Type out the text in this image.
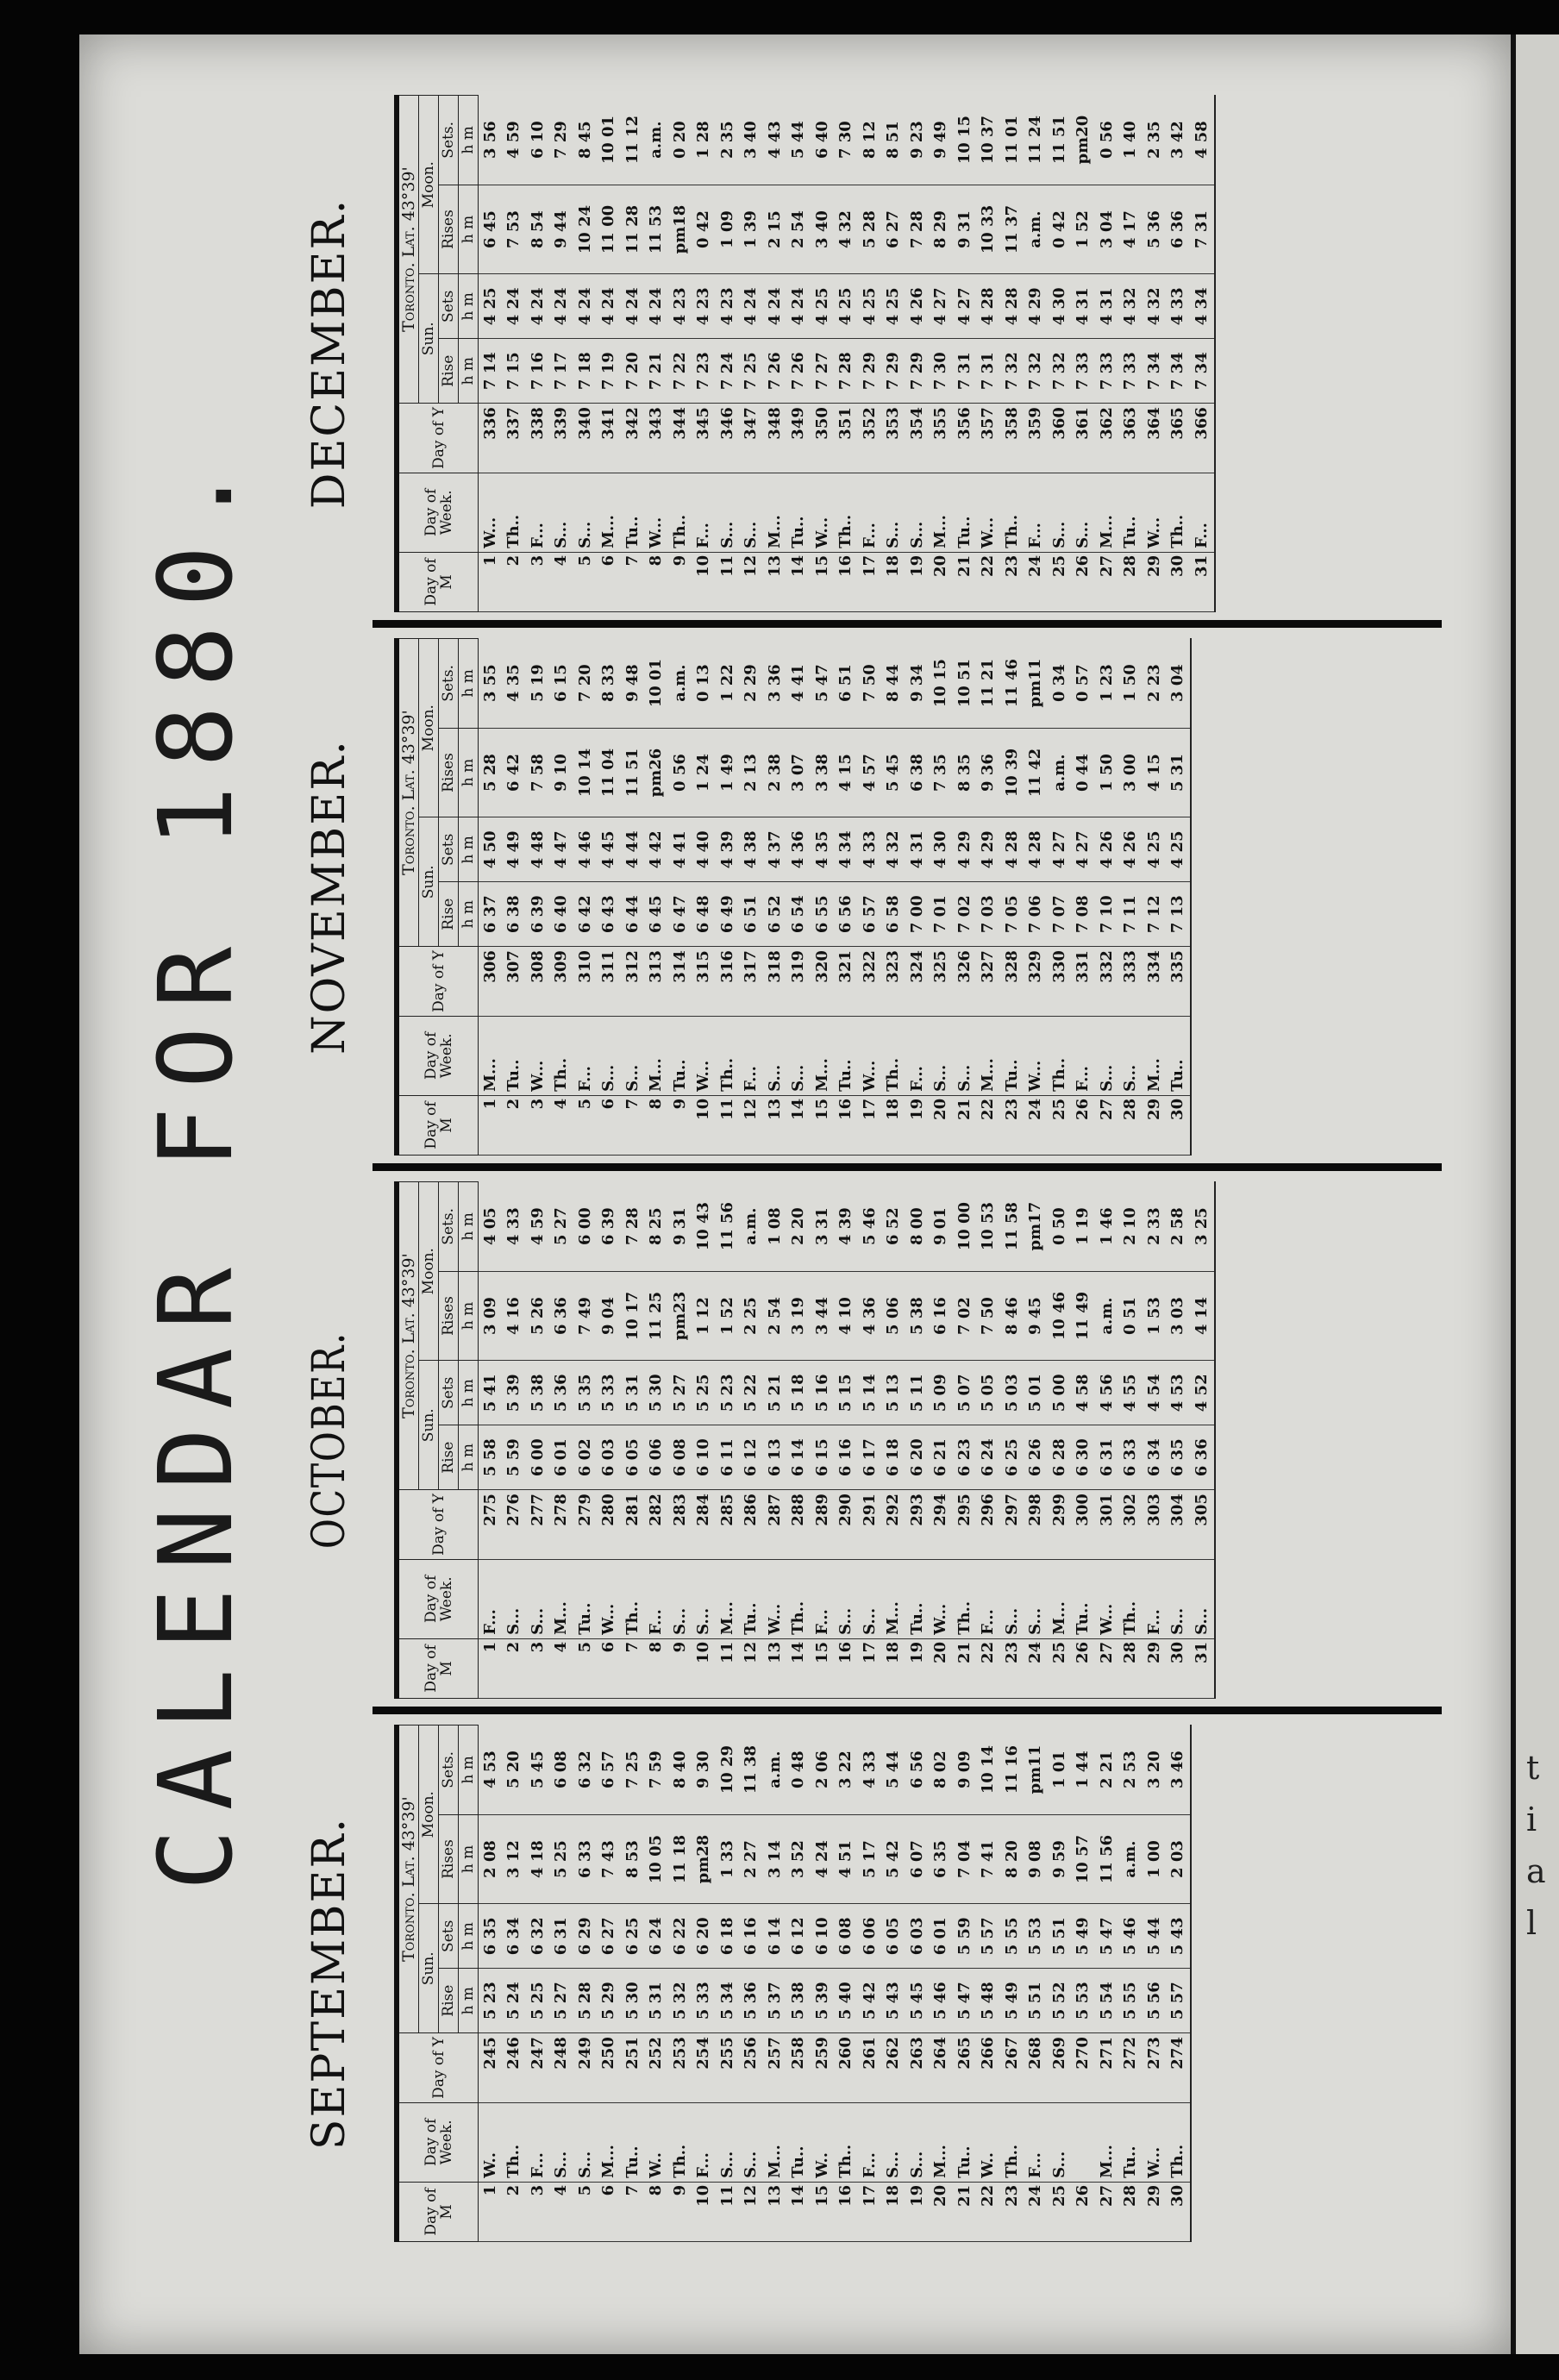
CALENDAR FOR 1880.
SEPTEMBER.
Day of M	Day of Week.	Day of Y	Toronto. Lat. 43°39'			
			Sun.		Moon.	
			Rise	Sets	Rises	Sets.
			h m	h m	h m	h m
1	W..	245	5 23	6 35	2 08	4 53
2	Th..	246	5 24	6 34	3 12	5 20
3	F...	247	5 25	6 32	4 18	5 45
4	S...	248	5 27	6 31	5 25	6 08
5	S...	249	5 28	6 29	6 33	6 32
6	M...	250	5 29	6 27	7 43	6 57
7	Tu..	251	5 30	6 25	8 53	7 25
8	W..	252	5 31	6 24	10 05	7 59
9	Th..	253	5 32	6 22	11 18	8 40
10	F...	254	5 33	6 20	pm28	9 30
11	S...	255	5 34	6 18	1 33	10 29
12	S...	256	5 36	6 16	2 27	11 38
13	M...	257	5 37	6 14	3 14	a.m.
14	Tu..	258	5 38	6 12	3 52	0 48
15	W..	259	5 39	6 10	4 24	2 06
16	Th..	260	5 40	6 08	4 51	3 22
17	F...	261	5 42	6 06	5 17	4 33
18	S...	262	5 43	6 05	5 42	5 44
19	S...	263	5 45	6 03	6 07	6 56
20	M...	264	5 46	6 01	6 35	8 02
21	Tu..	265	5 47	5 59	7 04	9 09
22	W..	266	5 48	5 57	7 41	10 14
23	Th..	267	5 49	5 55	8 20	11 16
24	F...	268	5 51	5 53	9 08	pm11
25	S...	269	5 52	5 51	9 59	1 01
26		270	5 53	5 49	10 57	1 44
27	M...	271	5 54	5 47	11 56	2 21
28	Tu..	272	5 55	5 46	a.m.	2 53
29	W...	273	5 56	5 44	1 00	3 20
30	Th..	274	5 57	5 43	2 03	3 46
OCTOBER.
Day of M	Day of Week.	Day of Y	Toronto. Lat. 43°39'			
			Sun.		Moon.	
			Rise	Sets	Rises	Sets.
			h m	h m	h m	h m
1	F...	275	5 58	5 41	3 09	4 05
2	S...	276	5 59	5 39	4 16	4 33
3	S...	277	6 00	5 38	5 26	4 59
4	M...	278	6 01	5 36	6 36	5 27
5	Tu..	279	6 02	5 35	7 49	6 00
6	W...	280	6 03	5 33	9 04	6 39
7	Th..	281	6 05	5 31	10 17	7 28
8	F...	282	6 06	5 30	11 25	8 25
9	S...	283	6 08	5 27	pm23	9 31
10	S...	284	6 10	5 25	1 12	10 43
11	M...	285	6 11	5 23	1 52	11 56
12	Tu..	286	6 12	5 22	2 25	a.m.
13	W...	287	6 13	5 21	2 54	1 08
14	Th..	288	6 14	5 18	3 19	2 20
15	F...	289	6 15	5 16	3 44	3 31
16	S...	290	6 16	5 15	4 10	4 39
17	S...	291	6 17	5 14	4 36	5 46
18	M...	292	6 18	5 13	5 06	6 52
19	Tu..	293	6 20	5 11	5 38	8 00
20	W...	294	6 21	5 09	6 16	9 01
21	Th..	295	6 23	5 07	7 02	10 00
22	F...	296	6 24	5 05	7 50	10 53
23	S...	297	6 25	5 03	8 46	11 58
24	S...	298	6 26	5 01	9 45	pm17
25	M...	299	6 28	5 00	10 46	0 50
26	Tu..	300	6 30	4 58	11 49	1 19
27	W...	301	6 31	4 56	a.m.	1 46
28	Th..	302	6 33	4 55	0 51	2 10
29	F...	303	6 34	4 54	1 53	2 33
30	S...	304	6 35	4 53	3 03	2 58
31	S...	305	6 36	4 52	4 14	3 25
NOVEMBER.
Day of M	Day of Week.	Day of Y	Toronto. Lat. 43°39'			
			Sun.		Moon.	
			Rise	Sets	Rises	Sets.
			h m	h m	h m	h m
1	M...	306	6 37	4 50	5 28	3 55
2	Tu..	307	6 38	4 49	6 42	4 35
3	W...	308	6 39	4 48	7 58	5 19
4	Th..	309	6 40	4 47	9 10	6 15
5	F...	310	6 42	4 46	10 14	7 20
6	S...	311	6 43	4 45	11 04	8 33
7	S...	312	6 44	4 44	11 51	9 48
8	M...	313	6 45	4 42	pm26	10 01
9	Tu..	314	6 47	4 41	0 56	a.m.
10	W...	315	6 48	4 40	1 24	0 13
11	Th..	316	6 49	4 39	1 49	1 22
12	F...	317	6 51	4 38	2 13	2 29
13	S...	318	6 52	4 37	2 38	3 36
14	S...	319	6 54	4 36	3 07	4 41
15	M...	320	6 55	4 35	3 38	5 47
16	Tu..	321	6 56	4 34	4 15	6 51
17	W...	322	6 57	4 33	4 57	7 50
18	Th..	323	6 58	4 32	5 45	8 44
19	F...	324	7 00	4 31	6 38	9 34
20	S...	325	7 01	4 30	7 35	10 15
21	S...	326	7 02	4 29	8 35	10 51
22	M...	327	7 03	4 29	9 36	11 21
23	Tu..	328	7 05	4 28	10 39	11 46
24	W...	329	7 06	4 28	11 42	pm11
25	Th..	330	7 07	4 27	a.m.	0 34
26	F...	331	7 08	4 27	0 44	0 57
27	S...	332	7 10	4 26	1 50	1 23
28	S...	333	7 11	4 26	3 00	1 50
29	M...	334	7 12	4 25	4 15	2 23
30	Tu..	335	7 13	4 25	5 31	3 04
DECEMBER.
Day of M	Day of Week.	Day of Y	Toronto. Lat. 43°39'			
			Sun.		Moon.	
			Rise	Sets	Rises	Sets.
			h m	h m	h m	h m
1	W...	336	7 14	4 25	6 45	3 56
2	Th..	337	7 15	4 24	7 53	4 59
3	F...	338	7 16	4 24	8 54	6 10
4	S...	339	7 17	4 24	9 44	7 29
5	S...	340	7 18	4 24	10 24	8 45
6	M...	341	7 19	4 24	11 00	10 01
7	Tu..	342	7 20	4 24	11 28	11 12
8	W...	343	7 21	4 24	11 53	a.m.
9	Th..	344	7 22	4 23	pm18	0 20
10	F...	345	7 23	4 23	0 42	1 28
11	S...	346	7 24	4 23	1 09	2 35
12	S...	347	7 25	4 24	1 39	3 40
13	M...	348	7 26	4 24	2 15	4 43
14	Tu..	349	7 26	4 24	2 54	5 44
15	W...	350	7 27	4 25	3 40	6 40
16	Th..	351	7 28	4 25	4 32	7 30
17	F...	352	7 29	4 25	5 28	8 12
18	S...	353	7 29	4 25	6 27	8 51
19	S...	354	7 29	4 26	7 28	9 23
20	M...	355	7 30	4 27	8 29	9 49
21	Tu..	356	7 31	4 27	9 31	10 15
22	W...	357	7 31	4 28	10 33	10 37
23	Th..	358	7 32	4 28	11 37	11 01
24	F...	359	7 32	4 29	a.m.	11 24
25	S...	360	7 32	4 30	0 42	11 51
26	S...	361	7 33	4 31	1 52	pm20
27	M...	362	7 33	4 31	3 04	0 56
28	Tu..	363	7 33	4 32	4 17	1 40
29	W...	364	7 34	4 32	5 36	2 35
30	Th..	365	7 34	4 33	6 36	3 42
31	F...	366	7 34	4 34	7 31	4 58
t i a l
